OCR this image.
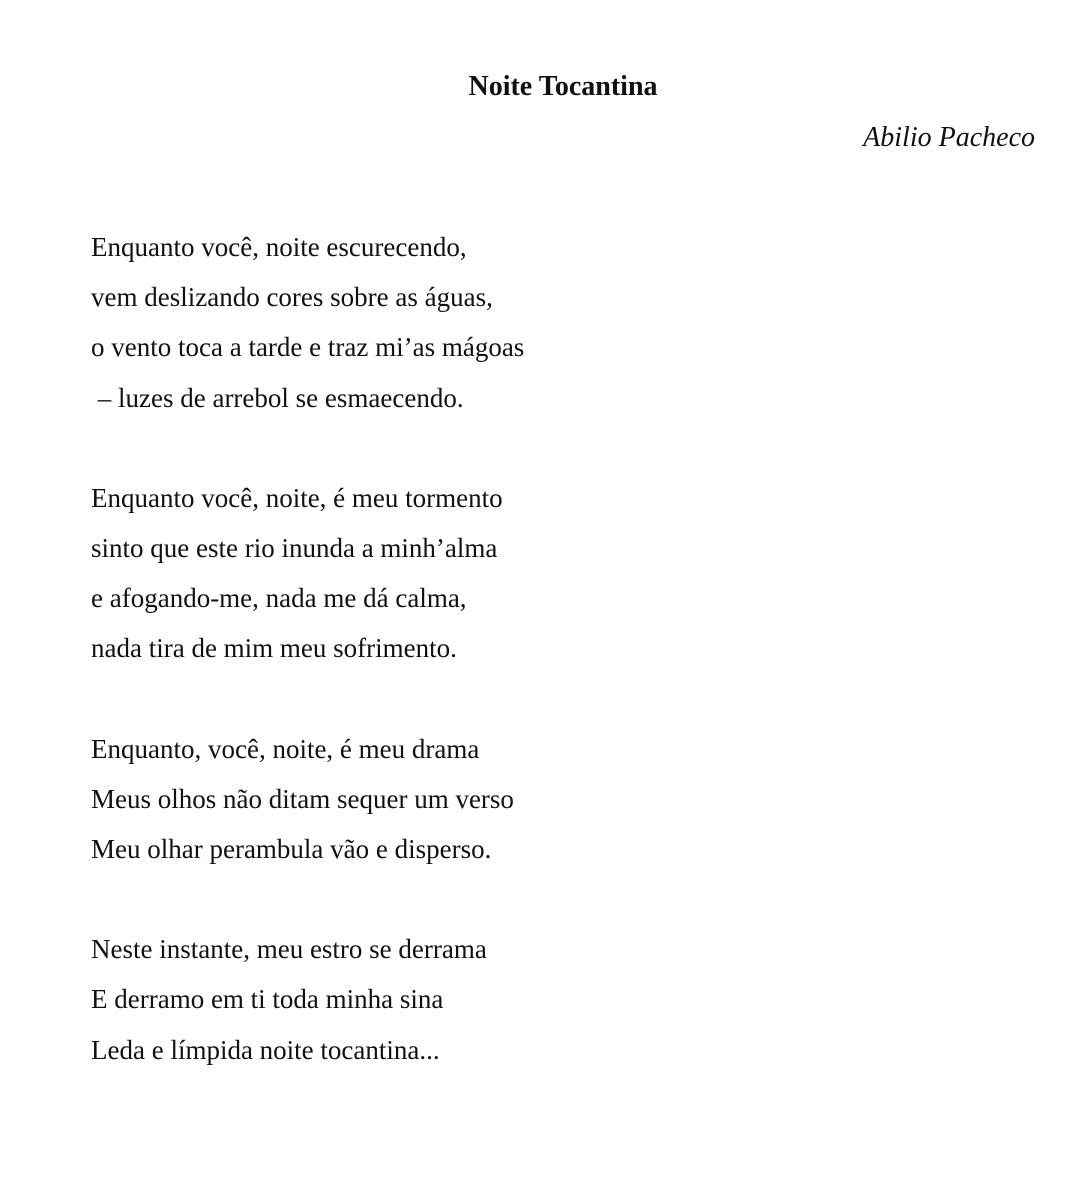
Noite Tocantina

Abilio Pacheco

Enquanto você, noite escurecendo,
vem deslizando cores sobre as águas,
o vento toca a tarde e traz mi’as mágoas
– luzes de arrebol se esmaecendo.
Enquanto você, noite, é meu tormento
sinto que este rio inunda a minh’alma
e afogando-me, nada me dá calma,
nada tira de mim meu sofrimento.
Enquanto, você, noite, é meu drama
Meus olhos não ditam sequer um verso
Meu olhar perambula vão e disperso.
Neste instante, meu estro se derrama
E derramo em ti toda minha sina
Leda e límpida noite tocantina...
